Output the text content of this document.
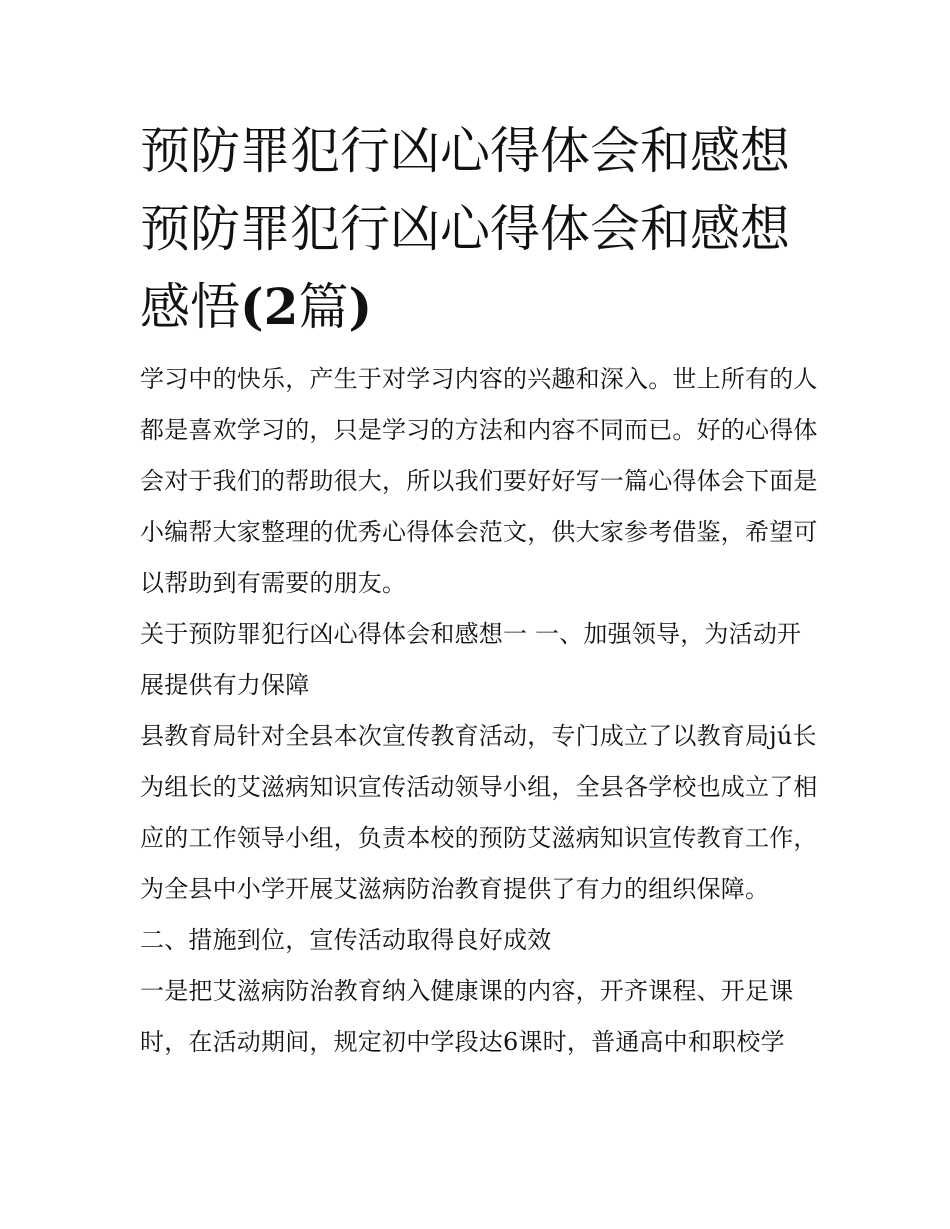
预防罪犯行凶心得体会和感想
预防罪犯行凶心得体会和感想
感悟(2篇)

学习中的快乐，产生于对学习内容的兴趣和深入。世上所有的人都是喜欢学习的，只是学习的方法和内容不同而已。好的心得体会对于我们的帮助很大，所以我们要好好写一篇心得体会下面是小编帮大家整理的优秀心得体会范文，供大家参考借鉴，希望可以帮助到有需要的朋友。

关于预防罪犯行凶心得体会和感想一 一、加强领导，为活动开展提供有力保障

县教育局针对全县本次宣传教育活动，专门成立了以教育局jú长为组长的艾滋病知识宣传活动领导小组，全县各学校也成立了相应的工作领导小组，负责本校的预防艾滋病知识宣传教育工作，为全县中小学开展艾滋病防治教育提供了有力的组织保障。

二、措施到位，宣传活动取得良好成效

一是把艾滋病防治教育纳入健康课的内容，开齐课程、开足课时，在活动期间，规定初中学段达6课时，普通高中和职校学
